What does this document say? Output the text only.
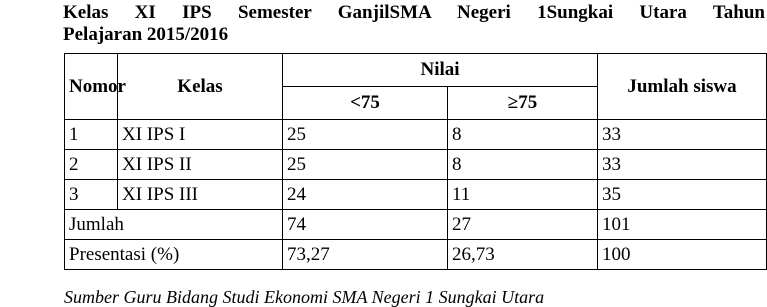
Kelas XI IPS Semester GanjilSMA Negeri 1Sungkai Utara Tahun
Pelajaran 2015/2016
Nomor	Kelas	Nilai		Jumlah siswa
		<75	≥75	
1	XI IPS I	25	8	33
2	XI IPS II	25	8	33
3	XI IPS III	24	11	35
Jumlah		74	27	101
Presentasi (%)		73,27	26,73	100
Sumber Guru Bidang Studi Ekonomi SMA Negeri 1 Sungkai Utara
